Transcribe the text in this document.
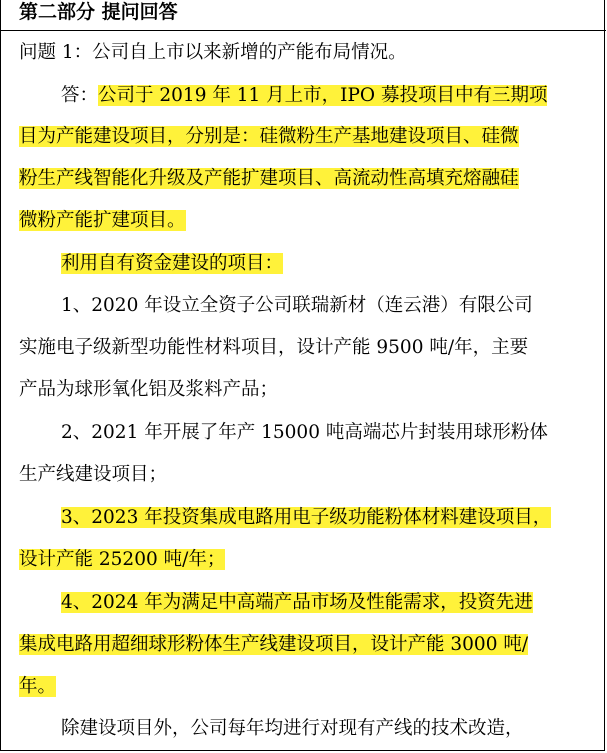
第二部分 提问回答
问题 1：公司自上市以来新增的产能布局情况。
答：公司于 2019 年 11 月上市，IPO 募投项目中有三期项
目为产能建设项目，分别是：硅微粉生产基地建设项目、硅微
粉生产线智能化升级及产能扩建项目、高流动性高填充熔融硅
微粉产能扩建项目。
利用自有资金建设的项目：
1、2020 年设立全资子公司联瑞新材（连云港）有限公司
实施电子级新型功能性材料项目，设计产能 9500 吨/年，主要
产品为球形氧化铝及浆料产品；
2、2021 年开展了年产 15000 吨高端芯片封装用球形粉体
生产线建设项目；
3、2023 年投资集成电路用电子级功能粉体材料建设项目，
设计产能 25200 吨/年；
4、2024 年为满足中高端产品市场及性能需求，投资先进
集成电路用超细球形粉体生产线建设项目，设计产能 3000 吨/
年。
除建设项目外，公司每年均进行对现有产线的技术改造，
